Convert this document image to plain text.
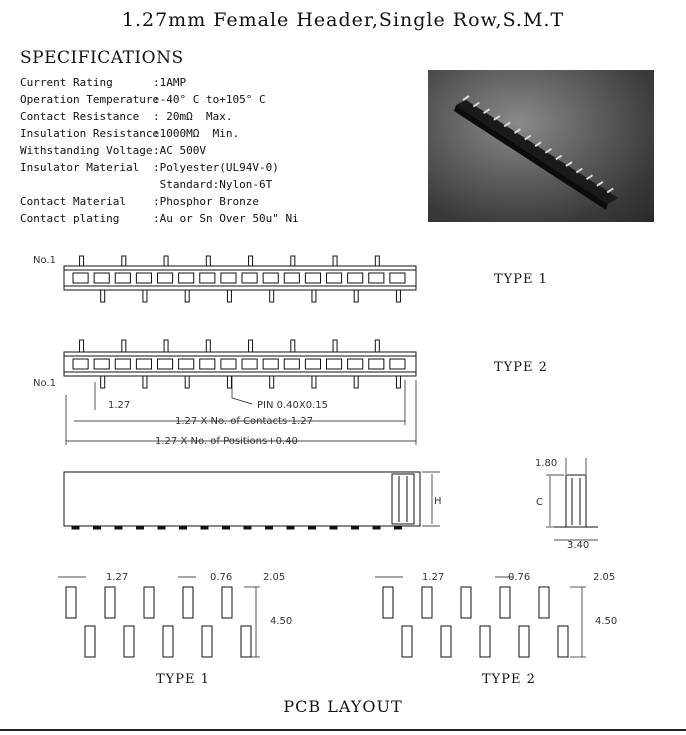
1.27mm Female Header,Single Row,S.M.T
SPECIFICATIONS
Current Rating	:1AMP
Operation Temperature:-40° C to+105° C
Contact Resistance : 20mΩ  Max.
Insulation Resistance:1000MΩ  Min.
Withstanding Voltage:AC 500V
Insulator Material :Polyester(UL94V-0)
Standard:Nylon-6T
Contact Material :Phosphor Bronze
Contact plating	:Au or Sn Over 50u" Ni
No.1
No.1
1.27	PIN 0.40X0.15
1.27 X No. of Contacts-1.27
1.27 X No. of Positions+0.40
H
1.80
C
3.40
1.27	0.76	2.05
4.50
1.27	0.76	2.05
4.50
TYPE 1
TYPE 2
TYPE 1	TYPE 2
PCB LAYOUT
